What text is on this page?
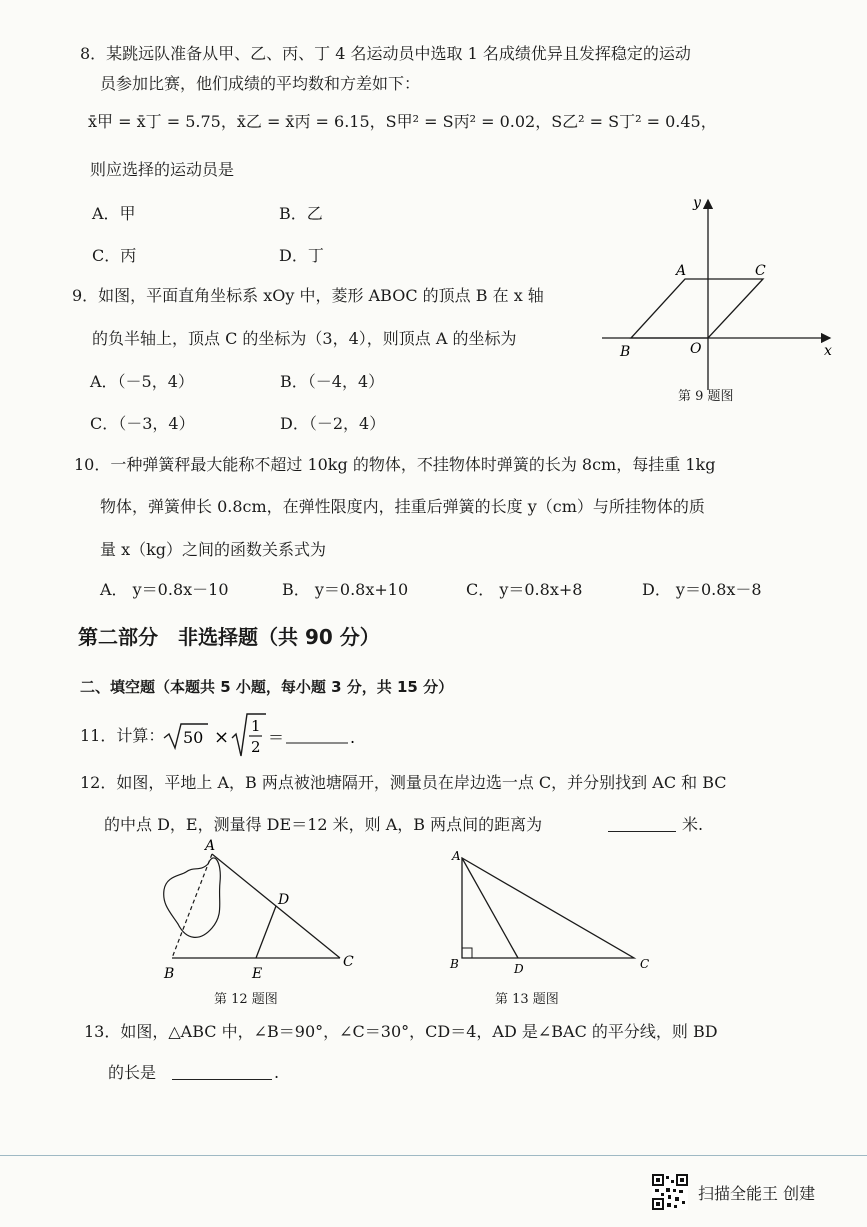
8．某跳远队准备从甲、乙、丙、丁 4 名运动员中选取 1 名成绩优异且发挥稳定的运动
员参加比赛，他们成绩的平均数和方差如下：
x̄甲 = x̄丁 = 5.75，x̄乙 = x̄丙 = 6.15，S甲² = S丙² = 0.02，S乙² = S丁² = 0.45，
则应选择的运动员是
A．甲	B．乙
C．丙	D．丁
9．如图，平面直角坐标系 xOy 中，菱形 ABOC 的顶点 B 在 x 轴
的负半轴上，顶点 C 的坐标为（3，4），则顶点 A 的坐标为
A．（－5，4）	B．（－4，4）
C．（－3，4）	D．（－2，4）
y
x
A	C
B	O
第 9 题图
10．一种弹簧秤最大能称不超过 10kg 的物体，不挂物体时弹簧的长为 8cm，每挂重 1kg
物体，弹簧伸长 0.8cm，在弹性限度内，挂重后弹簧的长度 y（cm）与所挂物体的质
量 x（kg）之间的函数关系式为
A． y＝0.8x－10	B． y＝0.8x+10	C． y＝0.8x+8	D． y＝0.8x－8
第二部分　非选择题（共 90 分）
二、填空题（本题共 5 小题，每小题 3 分，共 15 分）
11．计算： 50 ×
1
2 ＝	.
12．如图，平地上 A，B 两点被池塘隔开，测量员在岸边选一点 C，并分别找到 AC 和 BC
的中点 D，E，测量得 DE＝12 米，则 A，B 两点间的距离为	米.
A
B
C
D
E
第 12 题图
A
B	C
D
第 13 题图
13．如图，△ABC 中，∠B＝90°，∠C＝30°，CD＝4，AD 是∠BAC 的平分线，则 BD
的长是	.
扫描全能王 创建
